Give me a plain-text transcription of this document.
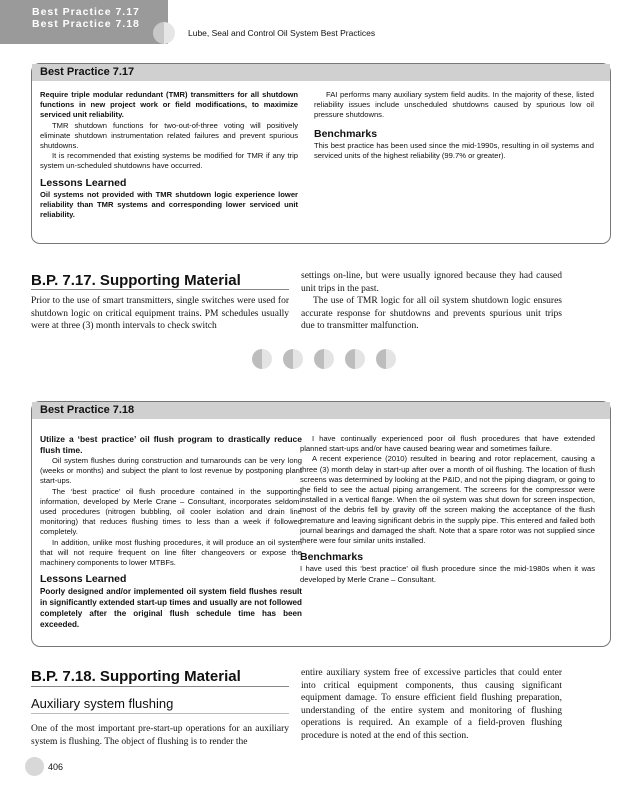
Best Practice 7.17
Best Practice 7.18
Lube, Seal and Control Oil System Best Practices
Best Practice 7.17

Require triple modular redundant (TMR) transmitters for all shutdown functions in new project work or field modifications, to maximize serviced unit reliability.

TMR shutdown functions for two-out-of-three voting will positively eliminate shutdown instrumentation related failures and prevent spurious shutdowns.

It is recommended that existing systems be modified for TMR if any trip system un-scheduled shutdowns have occurred.

Lessons Learned

Oil systems not provided with TMR shutdown logic experience lower reliability than TMR systems and corresponding lower serviced unit reliability.

FAI performs many auxiliary system field audits. In the majority of these, listed reliability issues include unscheduled shutdowns caused by spurious low oil pressure shutdowns.

Benchmarks

This best practice has been used since the mid-1990s, resulting in oil systems and serviced units of the highest reliability (99.7% or greater).

B.P. 7.17. Supporting Material

Prior to the use of smart transmitters, single switches were used for shutdown logic on critical equipment trains. PM schedules usually were at three (3) month intervals to check switch

settings on-line, but were usually ignored because they had caused unit trips in the past.

The use of TMR logic for all oil system shutdown logic ensures accurate response for shutdowns and prevents spurious unit trips due to transmitter malfunction.

Best Practice 7.18

Utilize a ‘best practice’ oil flush program to drastically reduce flush time.

Oil system flushes during construction and turnarounds can be very long (weeks or months) and subject the plant to lost revenue by postponing plant start-ups.

The ‘best practice’ oil flush procedure contained in the supporting information, developed by Merle Crane – Consultant, incorporates seldom-used procedures (nitrogen bubbling, oil cooler isolation and drain line monitoring) that reduces flushing times to less than a week if followed completely.

In addition, unlike most flushing procedures, it will produce an oil system that will not require frequent on line filter changeovers or expose the machinery components to lower MTBFs.

Lessons Learned

Poorly designed and/or implemented oil system field flushes result in significantly extended start-up times and usually are not followed completely after the original flush schedule time has been exceeded.

I have continually experienced poor oil flush procedures that have extended planned start-ups and/or have caused bearing wear and sometimes failure.

A recent experience (2010) resulted in bearing and rotor replacement, causing a three (3) month delay in start-up after over a month of oil flushing. The location of flush screens was determined by looking at the P&ID, and not the piping diagram, or going to the field to see the actual piping arrangement. The screens for the compressor were installed in a vertical flange. When the oil system was shut down for screen inspection, most of the debris fell by gravity off the screen making the acceptance of the flush premature and leaving significant debris in the supply pipe. This entered and failed both journal bearings and damaged the shaft. Note that a spare rotor was not supplied since there were four similar units installed.

Benchmarks

I have used this ‘best practice’ oil flush procedure since the mid-1980s when it was developed by Merle Crane – Consultant.

B.P. 7.18. Supporting Material
Auxiliary system flushing

One of the most important pre-start-up operations for an auxiliary system is flushing. The object of flushing is to render the

entire auxiliary system free of excessive particles that could enter into critical equipment components, thus causing significant equipment damage. To ensure efficient field flushing preparation, understanding of the entire system and monitoring of flushing operations is required. An example of a field-proven flushing procedure is noted at the end of this section.

406
